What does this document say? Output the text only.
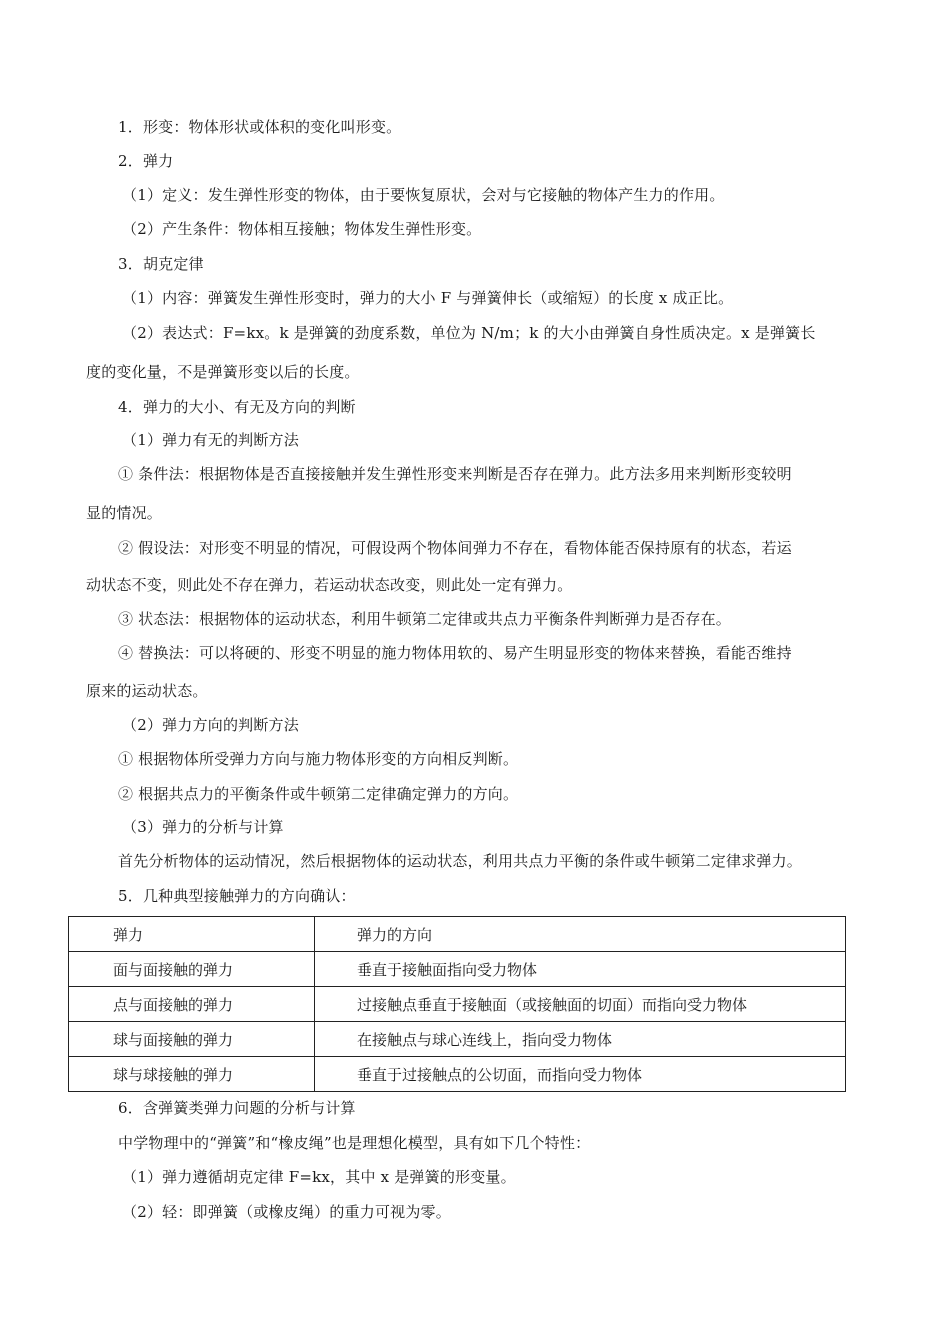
1．形变：物体形状或体积的变化叫形变。
2．弹力
（1）定义：发生弹性形变的物体，由于要恢复原状，会对与它接触的物体产生力的作用。
（2）产生条件：物体相互接触；物体发生弹性形变。
3．胡克定律
（1）内容：弹簧发生弹性形变时，弹力的大小 F 与弹簧伸长（或缩短）的长度 x 成正比。
（2）表达式：F=kx。k 是弹簧的劲度系数，单位为 N/m；k 的大小由弹簧自身性质决定。x 是弹簧长
度的变化量，不是弹簧形变以后的长度。
4．弹力的大小、有无及方向的判断
（1）弹力有无的判断方法
① 条件法：根据物体是否直接接触并发生弹性形变来判断是否存在弹力。此方法多用来判断形变较明
显的情况。
② 假设法：对形变不明显的情况，可假设两个物体间弹力不存在，看物体能否保持原有的状态，若运
动状态不变，则此处不存在弹力，若运动状态改变，则此处一定有弹力。
③ 状态法：根据物体的运动状态，利用牛顿第二定律或共点力平衡条件判断弹力是否存在。
④ 替换法：可以将硬的、形变不明显的施力物体用软的、易产生明显形变的物体来替换，看能否维持
原来的运动状态。
（2）弹力方向的判断方法
① 根据物体所受弹力方向与施力物体形变的方向相反判断。
② 根据共点力的平衡条件或牛顿第二定律确定弹力的方向。
（3）弹力的分析与计算
首先分析物体的运动情况，然后根据物体的运动状态，利用共点力平衡的条件或牛顿第二定律求弹力。
5．几种典型接触弹力的方向确认：
弹力	弹力的方向
面与面接触的弹力	垂直于接触面指向受力物体
点与面接触的弹力	过接触点垂直于接触面（或接触面的切面）而指向受力物体
球与面接触的弹力	在接触点与球心连线上，指向受力物体
球与球接触的弹力	垂直于过接触点的公切面，而指向受力物体
6．含弹簧类弹力问题的分析与计算
中学物理中的“弹簧”和“橡皮绳”也是理想化模型，具有如下几个特性：
（1）弹力遵循胡克定律 F=kx，其中 x 是弹簧的形变量。
（2）轻：即弹簧（或橡皮绳）的重力可视为零。
